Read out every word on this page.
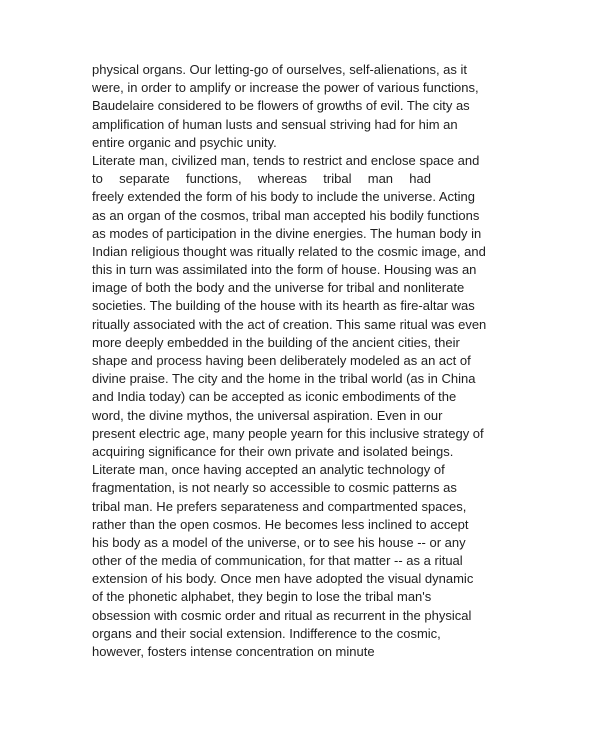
physical organs. Our letting-go of ourselves, self-alienations, as it
were, in order to amplify or increase the power of various functions,
Baudelaire considered to be flowers of growths of evil. The city as
amplification of human lusts and sensual striving had for him an
entire organic and psychic unity.
Literate man, civilized man, tends to restrict and enclose space and
to separate functions, whereas tribal man had
freely extended the form of his body to include the universe. Acting
as an organ of the cosmos, tribal man accepted his bodily functions
as modes of participation in the divine energies. The human body in
Indian religious thought was ritually related to the cosmic image, and
this in turn was assimilated into the form of house. Housing was an
image of both the body and the universe for tribal and nonliterate
societies. The building of the house with its hearth as fire-altar was
ritually associated with the act of creation. This same ritual was even
more deeply embedded in the building of the ancient cities, their
shape and process having been deliberately modeled as an act of
divine praise. The city and the home in the tribal world (as in China
and India today) can be accepted as iconic embodiments of the
word, the divine mythos, the universal aspiration. Even in our
present electric age, many people yearn for this inclusive strategy of
acquiring significance for their own private and isolated beings.
Literate man, once having accepted an analytic technology of
fragmentation, is not nearly so accessible to cosmic patterns as
tribal man. He prefers separateness and compartmented spaces,
rather than the open cosmos. He becomes less inclined to accept
his body as a model of the universe, or to see his house -- or any
other of the media of communication, for that matter -- as a ritual
extension of his body. Once men have adopted the visual dynamic
of the phonetic alphabet, they begin to lose the tribal man's
obsession with cosmic order and ritual as recurrent in the physical
organs and their social extension. Indifference to the cosmic,
however, fosters intense concentration on minute
